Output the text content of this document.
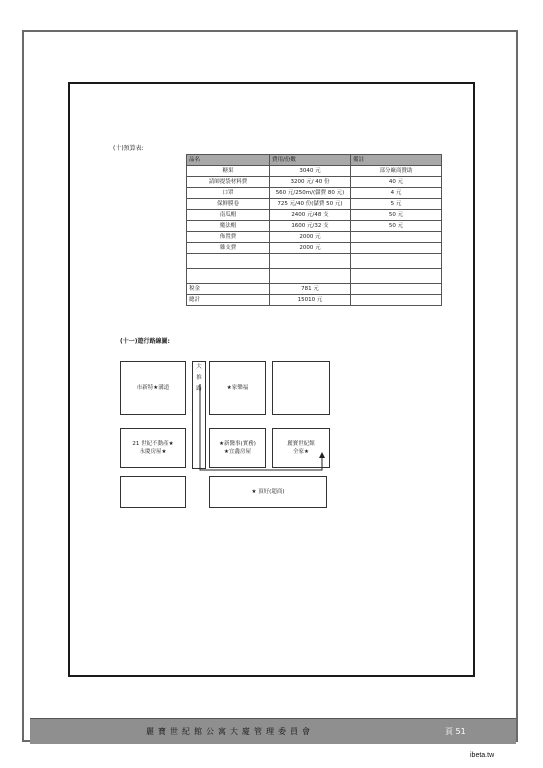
(十)預算表:
品名	費用/份數	備註
糖果	3040 元	部分廠商贊助
請師提袋材料費	3200 元/ 40 份	40 元
口罩	560 元/250m/(儲費 80 元)	4 元
保鮮膜卷	725 元/40 份(儲費 50 元)	5 元
南瓜帽	2400 元/48 支	50 元
魔法帽	1600 元/32 支	50 元
佈置費	2000 元	
雜支費	2000 元	

稅金	781 元	
總計	15010 元	
(十一)遊行路線圖:
市新特★溝道
大
推
路	★家樂福
21 世紀不動產★
永慶房屋★
★新醫事(實務)
★宜鑫房屋
麗寶世紀館
全家★
★ 頂好(超商)
麗寶世紀館公寓大廈管理委員會	頁 51
ibeta.tw
